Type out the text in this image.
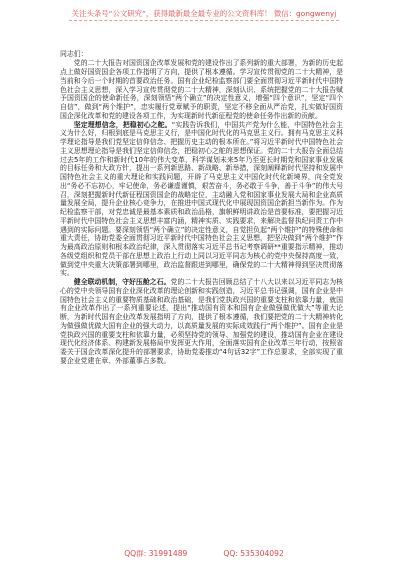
关注头条号“公文研究”，获得最新最全最专业的公文资料库！ 微信：gongwenyj

同志们：

党的二十大报告对国资国企改革发展和党的建设作出了系列新的重大部署，为新的历史起点上做好国资国企各项工作指明了方向，提供了根本遵循。学习宣传贯彻党的二十大精神，是当前和今后一个时期的首要政治任务。国有企业纪检监察部门要全面贯彻习近平新时代中国特色社会主义思想，深入学习宣传贯彻党的二十大精神，深刻认识、系统把握党的二十大报告赋予国资国企的使命新任务，深刻领悟“两个确立”的决定性意义，增强“四个意识”，坚定“四个自信”，做到“两个维护”，忠实履行党章赋予的职责，坚定不移全面从严治党，扎实做好国资国企深化改革和党的建设各项工作，为实现新时代新征程党的使命任务作出新的贡献。

坚定理想信念，把稳初心之舵。“实践告诉我们，中国共产党为什么能，中国特色社会主义为什么好，归根到底是马克思主义行，是中国化时代化的马克思主义行。拥有马克思主义科学理论指导是我们党坚定信仰信念、把握历史主动的根本所在。”将习近平新时代中国特色社会主义思想理论指导是我们坚定信仰信念，把稳初心之舵的思想保证。党的二十大报告全面总结过去5年的工作和新时代10年的伟大变革，科学谋划未来5年乃至更长时期党和国家事业发展的目标任务和大政方针，提出一系列新思路、新战略、新举措，深刻阐释新时代坚持和发展中国特色社会主义的重大理论和实践问题，开辟了马克思主义中国化时代化新境界，向全党发出“务必不忘初心，牢记使命，务必谦虚谨慎，艰苦奋斗，务必敢于斗争，善于斗争”的伟大号召，深刻把握新时代新征程国资国企的战略定位，主动融入党和国家事业发展大局和企业高质量发展全局，提升企业核心竞争力，在推进中国式现代化中展现国资国企新担当新作为。作为纪检监察干部，对党忠诚是最基本素质和政治品格，旗帜鲜明讲政治是首要标准，要把握习近平新时代中国特色社会主义思想丰富内涵，精神实质、实践要求，来解决监督执纪问责工作中遇到的实际问题。要深刻领悟“两个确立”的决定性意义，自觉担负起“两个维护”的特殊使命和重大责任，协助党委全面贯彻习近平新时代中国特色社会主义思想，把坚决做到“两个维护”作为最高政治原则和根本政治纪律，深入贯彻落实习近平总书记考察调研**重要指示精神，推动各级党组织和党员干部在思想上政治上行动上同以习近平同志为核心的党中央保持高度一致，做到党中央重大决策部署到哪里，政治监督跟进到哪里，确保党的二十大精神得到坚决贯彻落实。

健全联动机制，守好压舱之石。党的二十大报告回顾总结了十八大以来以习近平同志为核心的党中央领导国有企业深化改革的理论创新和实践创造，习近平总书记强调，国有企业是中国特色社会主义的重要物质基础和政治基础，是我们党执政兴国的重要支柱和依靠力量，就国有企业改革作出了一系列重要论述，提出“推动国有资本和国有企业做强做优做大”等重大论断，为新时代国有企业改革发展指明了方向，提供了根本遵循，我们要把党的二十大精神转化为做强做优做大国有企业的强大动力，以高质量发展的实际成效践行“两个维护”。国有企业是党执政兴国的重要支柱和依靠力量，必须坚持党的领导、加强党的建设，推动国有企业在建设现代化经济体系、构建新发展格局中发挥更大作用，全面落实国有企业改革三年行动，按照省委关于国企改革深化提升的部署要求，协助党委推动“4句话32字”工作总要求，全部实现了重要企业党建在章、外部董事占多数。

QQ群: 31991489	QQ: 535304092
